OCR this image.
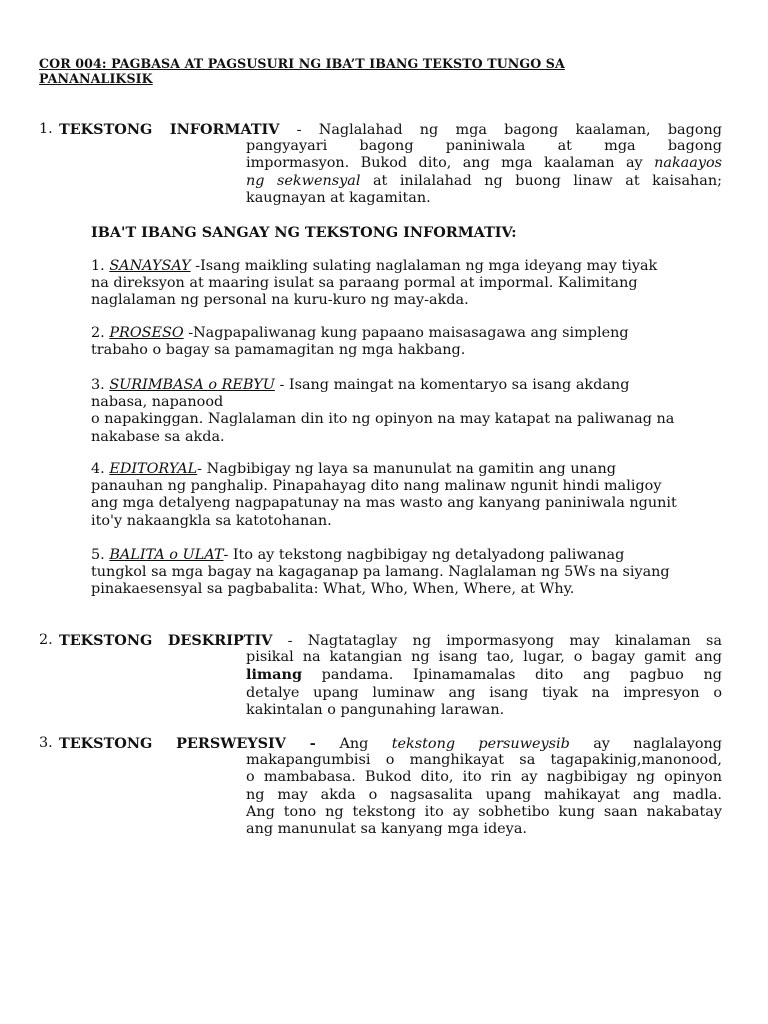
COR 004: PAGBASA AT PAGSUSURI NG IBA’T IBANG TEKSTO TUNGO SA
PANANALIKSIK
1. TEKSTONG INFORMATIV - Naglalahad ng mga bagong kaalaman, bagong
pangyayari bagong paniniwala at mga bagong
impormasyon. Bukod dito, ang mga kaalaman ay nakaayos
ng sekwensyal at inilalahad ng buong linaw at kaisahan;
kaugnayan at kagamitan.
IBA'T IBANG SANGAY NG TEKSTONG INFORMATIV:
1. SANAYSAY -Isang maikling sulating naglalaman ng mga ideyang may tiyak
na direksyon at maaring isulat sa paraang pormal at impormal. Kalimitang
naglalaman ng personal na kuru-kuro ng may-akda.
2. PROSESO -Nagpapaliwanag kung papaano maisasagawa ang simpleng
trabaho o bagay sa pamamagitan ng mga hakbang.
3. SURIMBASA o REBYU - Isang maingat na komentaryo sa isang akdang
nabasa, napanood
o napakinggan. Naglalaman din ito ng opinyon na may katapat na paliwanag na
nakabase sa akda.
4. EDITORYAL- Nagbibigay ng laya sa manunulat na gamitin ang unang
panauhan ng panghalip. Pinapahayag dito nang malinaw ngunit hindi maligoy
ang mga detalyeng nagpapatunay na mas wasto ang kanyang paniniwala ngunit
ito'y nakaangkla sa katotohanan.
5. BALITA o ULAT- Ito ay tekstong nagbibigay ng detalyadong paliwanag
tungkol sa mga bagay na kagaganap pa lamang. Naglalaman ng 5Ws na siyang
pinakaesensyal sa pagbabalita: What, Who, When, Where, at Why.
2. TEKSTONG DESKRIPTIV - Nagtataglay ng impormasyong may kinalaman sa
pisikal na katangian ng isang tao, lugar, o bagay gamit ang
limang pandama. Ipinamamalas dito ang pagbuo ng
detalye upang luminaw ang isang tiyak na impresyon o
kakintalan o pangunahing larawan.
3. TEKSTONG PERSWEYSIV - Ang tekstong persuweysib ay naglalayong
makapangumbisi o manghikayat sa tagapakinig,manonood,
o mambabasa. Bukod dito, ito rin ay nagbibigay ng opinyon
ng may akda o nagsasalita upang mahikayat ang madla.
Ang tono ng tekstong ito ay sobhetibo kung saan nakabatay
ang manunulat sa kanyang mga ideya.
